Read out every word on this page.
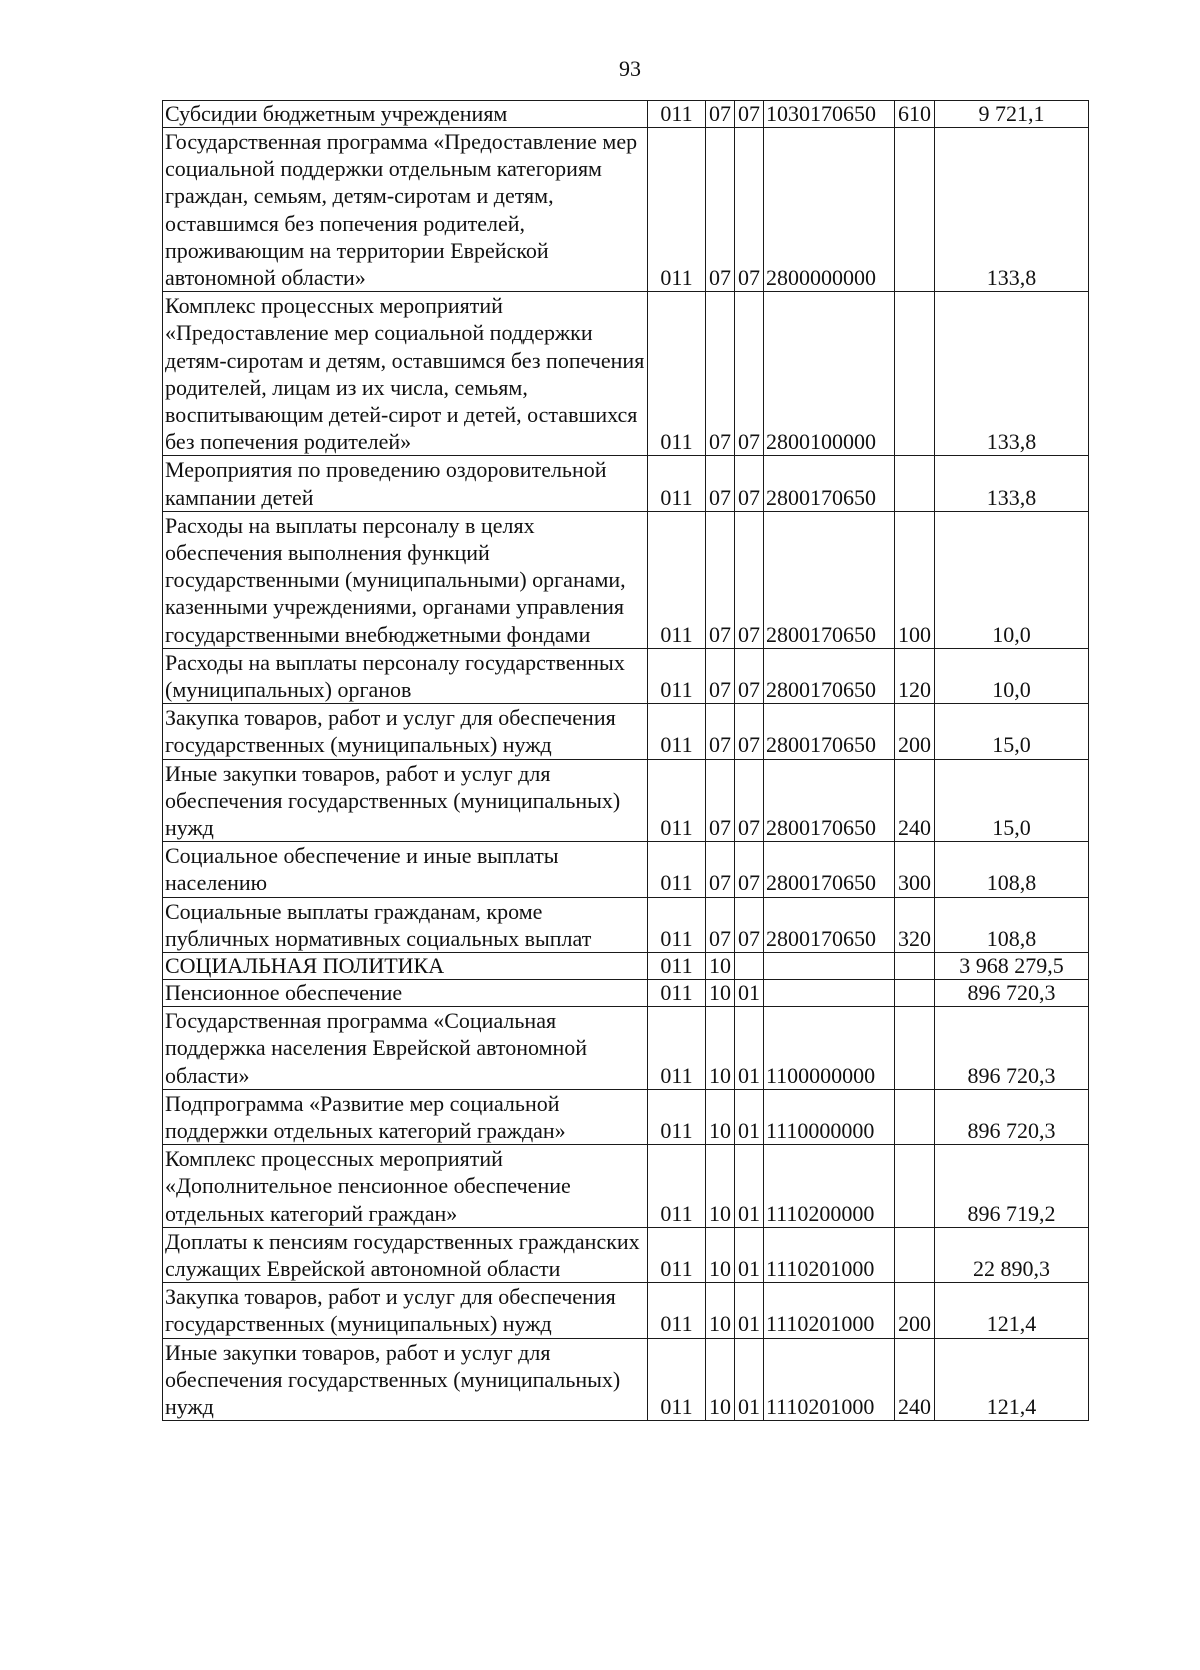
93
Субсидии бюджетным учреждениям	011	07	07	1030170650	610	9 721,1
Государственная программа «Предоставление мер социальной поддержки отдельным категориям граждан, семьям, детям-сиротам и детям, оставшимся без попечения родителей, проживающим на территории Еврейской автономной области»	011	07	07	2800000000		133,8
Комплекс процессных мероприятий «Предоставление мер социальной поддержки детям-сиротам и детям, оставшимся без попечения родителей, лицам из их числа, семьям, воспитывающим детей-сирот и детей, оставшихся без попечения родителей»	011	07	07	2800100000		133,8
Мероприятия по проведению оздоровительной кампании детей	011	07	07	2800170650		133,8
Расходы на выплаты персоналу в целях обеспечения выполнения функций государственными (муниципальными) органами, казенными учреждениями, органами управления государственными внебюджетными фондами	011	07	07	2800170650	100	10,0
Расходы на выплаты персоналу государственных (муниципальных) органов	011	07	07	2800170650	120	10,0
Закупка товаров, работ и услуг для обеспечения государственных (муниципальных) нужд	011	07	07	2800170650	200	15,0
Иные закупки товаров, работ и услуг для обеспечения государственных (муниципальных) нужд	011	07	07	2800170650	240	15,0
Социальное обеспечение и иные выплаты населению	011	07	07	2800170650	300	108,8
Социальные выплаты гражданам, кроме публичных нормативных социальных выплат	011	07	07	2800170650	320	108,8
СОЦИАЛЬНАЯ ПОЛИТИКА	011	10				3 968 279,5
Пенсионное обеспечение	011	10	01			896 720,3
Государственная программа «Социальная поддержка населения Еврейской автономной области»	011	10	01	1100000000		896 720,3
Подпрограмма «Развитие мер социальной поддержки отдельных категорий граждан»	011	10	01	1110000000		896 720,3
Комплекс процессных мероприятий «Дополнительное пенсионное обеспечение отдельных категорий граждан»	011	10	01	1110200000		896 719,2
Доплаты к пенсиям государственных гражданских служащих Еврейской автономной области	011	10	01	1110201000		22 890,3
Закупка товаров, работ и услуг для обеспечения государственных (муниципальных) нужд	011	10	01	1110201000	200	121,4
Иные закупки товаров, работ и услуг для обеспечения государственных (муниципальных) нужд	011	10	01	1110201000	240	121,4
